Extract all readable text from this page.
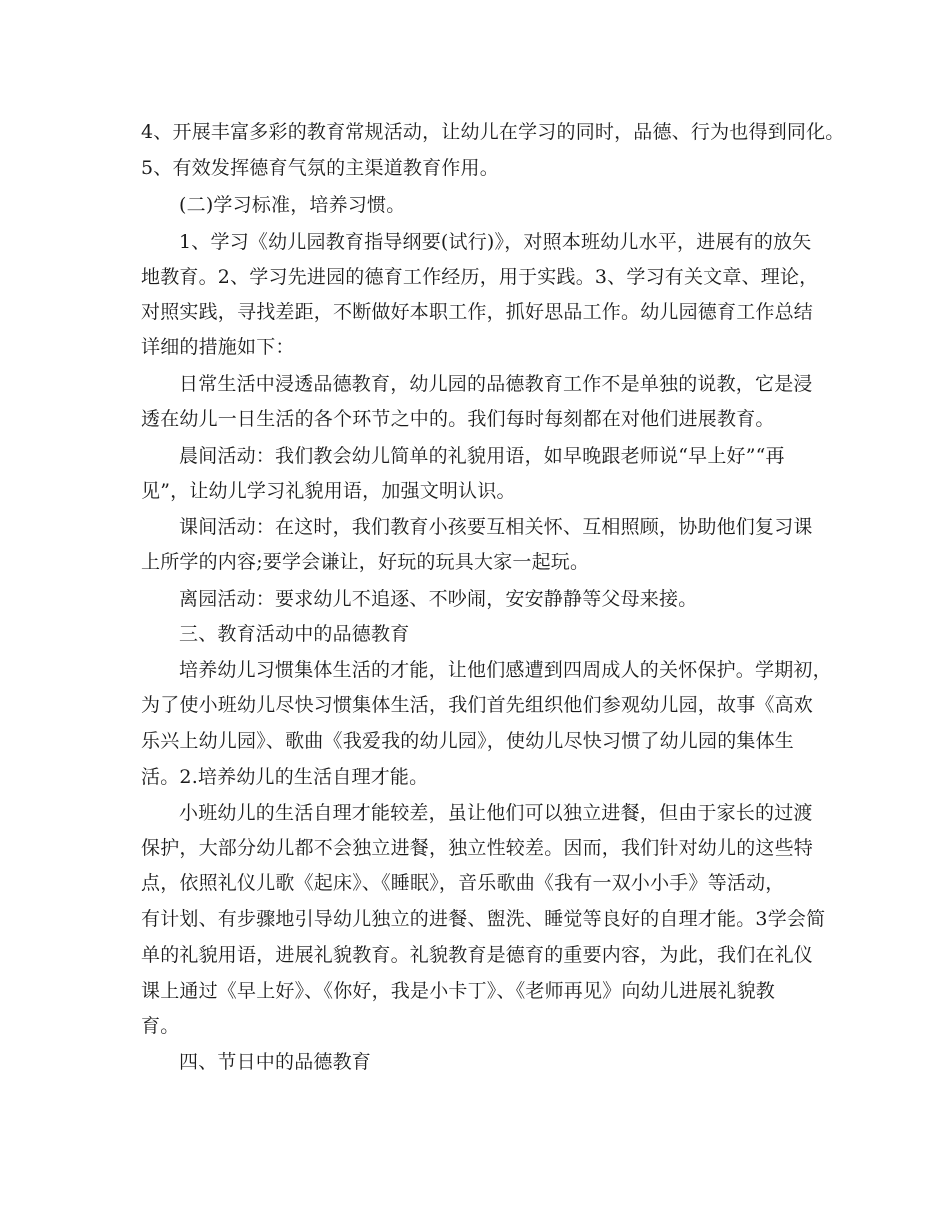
4、开展丰富多彩的教育常规活动，让幼儿在学习的同时，品德、行为也得到同化。
5、有效发挥德育气氛的主渠道教育作用。
(二)学习标准，培养习惯。
1、学习《幼儿园教育指导纲要(试行)》，对照本班幼儿水平，进展有的放矢
地教育。2、学习先进园的德育工作经历，用于实践。3、学习有关文章、理论，
对照实践，寻找差距，不断做好本职工作，抓好思品工作。幼儿园德育工作总结
详细的措施如下：
日常生活中浸透品德教育，幼儿园的品德教育工作不是单独的说教，它是浸
透在幼儿一日生活的各个环节之中的。我们每时每刻都在对他们进展教育。
晨间活动：我们教会幼儿简单的礼貌用语，如早晚跟老师说“早上好”“再
见”，让幼儿学习礼貌用语，加强文明认识。
课间活动：在这时，我们教育小孩要互相关怀、互相照顾，协助他们复习课
上所学的内容;要学会谦让，好玩的玩具大家一起玩。
离园活动：要求幼儿不追逐、不吵闹，安安静静等父母来接。
三、教育活动中的品德教育
培养幼儿习惯集体生活的才能，让他们感遭到四周成人的关怀保护。学期初，
为了使小班幼儿尽快习惯集体生活，我们首先组织他们参观幼儿园，故事《高欢
乐兴上幼儿园》、歌曲《我爱我的幼儿园》，使幼儿尽快习惯了幼儿园的集体生
活。2.培养幼儿的生活自理才能。
小班幼儿的生活自理才能较差，虽让他们可以独立进餐，但由于家长的过渡
保护，大部分幼儿都不会独立进餐，独立性较差。因而，我们针对幼儿的这些特
点，依照礼仪儿歌《起床》、《睡眠》，音乐歌曲《我有一双小小手》等活动，
有计划、有步骤地引导幼儿独立的进餐、盥洗、睡觉等良好的自理才能。3学会简
单的礼貌用语，进展礼貌教育。礼貌教育是德育的重要内容，为此，我们在礼仪
课上通过《早上好》、《你好，我是小卡丁》、《老师再见》向幼儿进展礼貌教
育。
四、节日中的品德教育
